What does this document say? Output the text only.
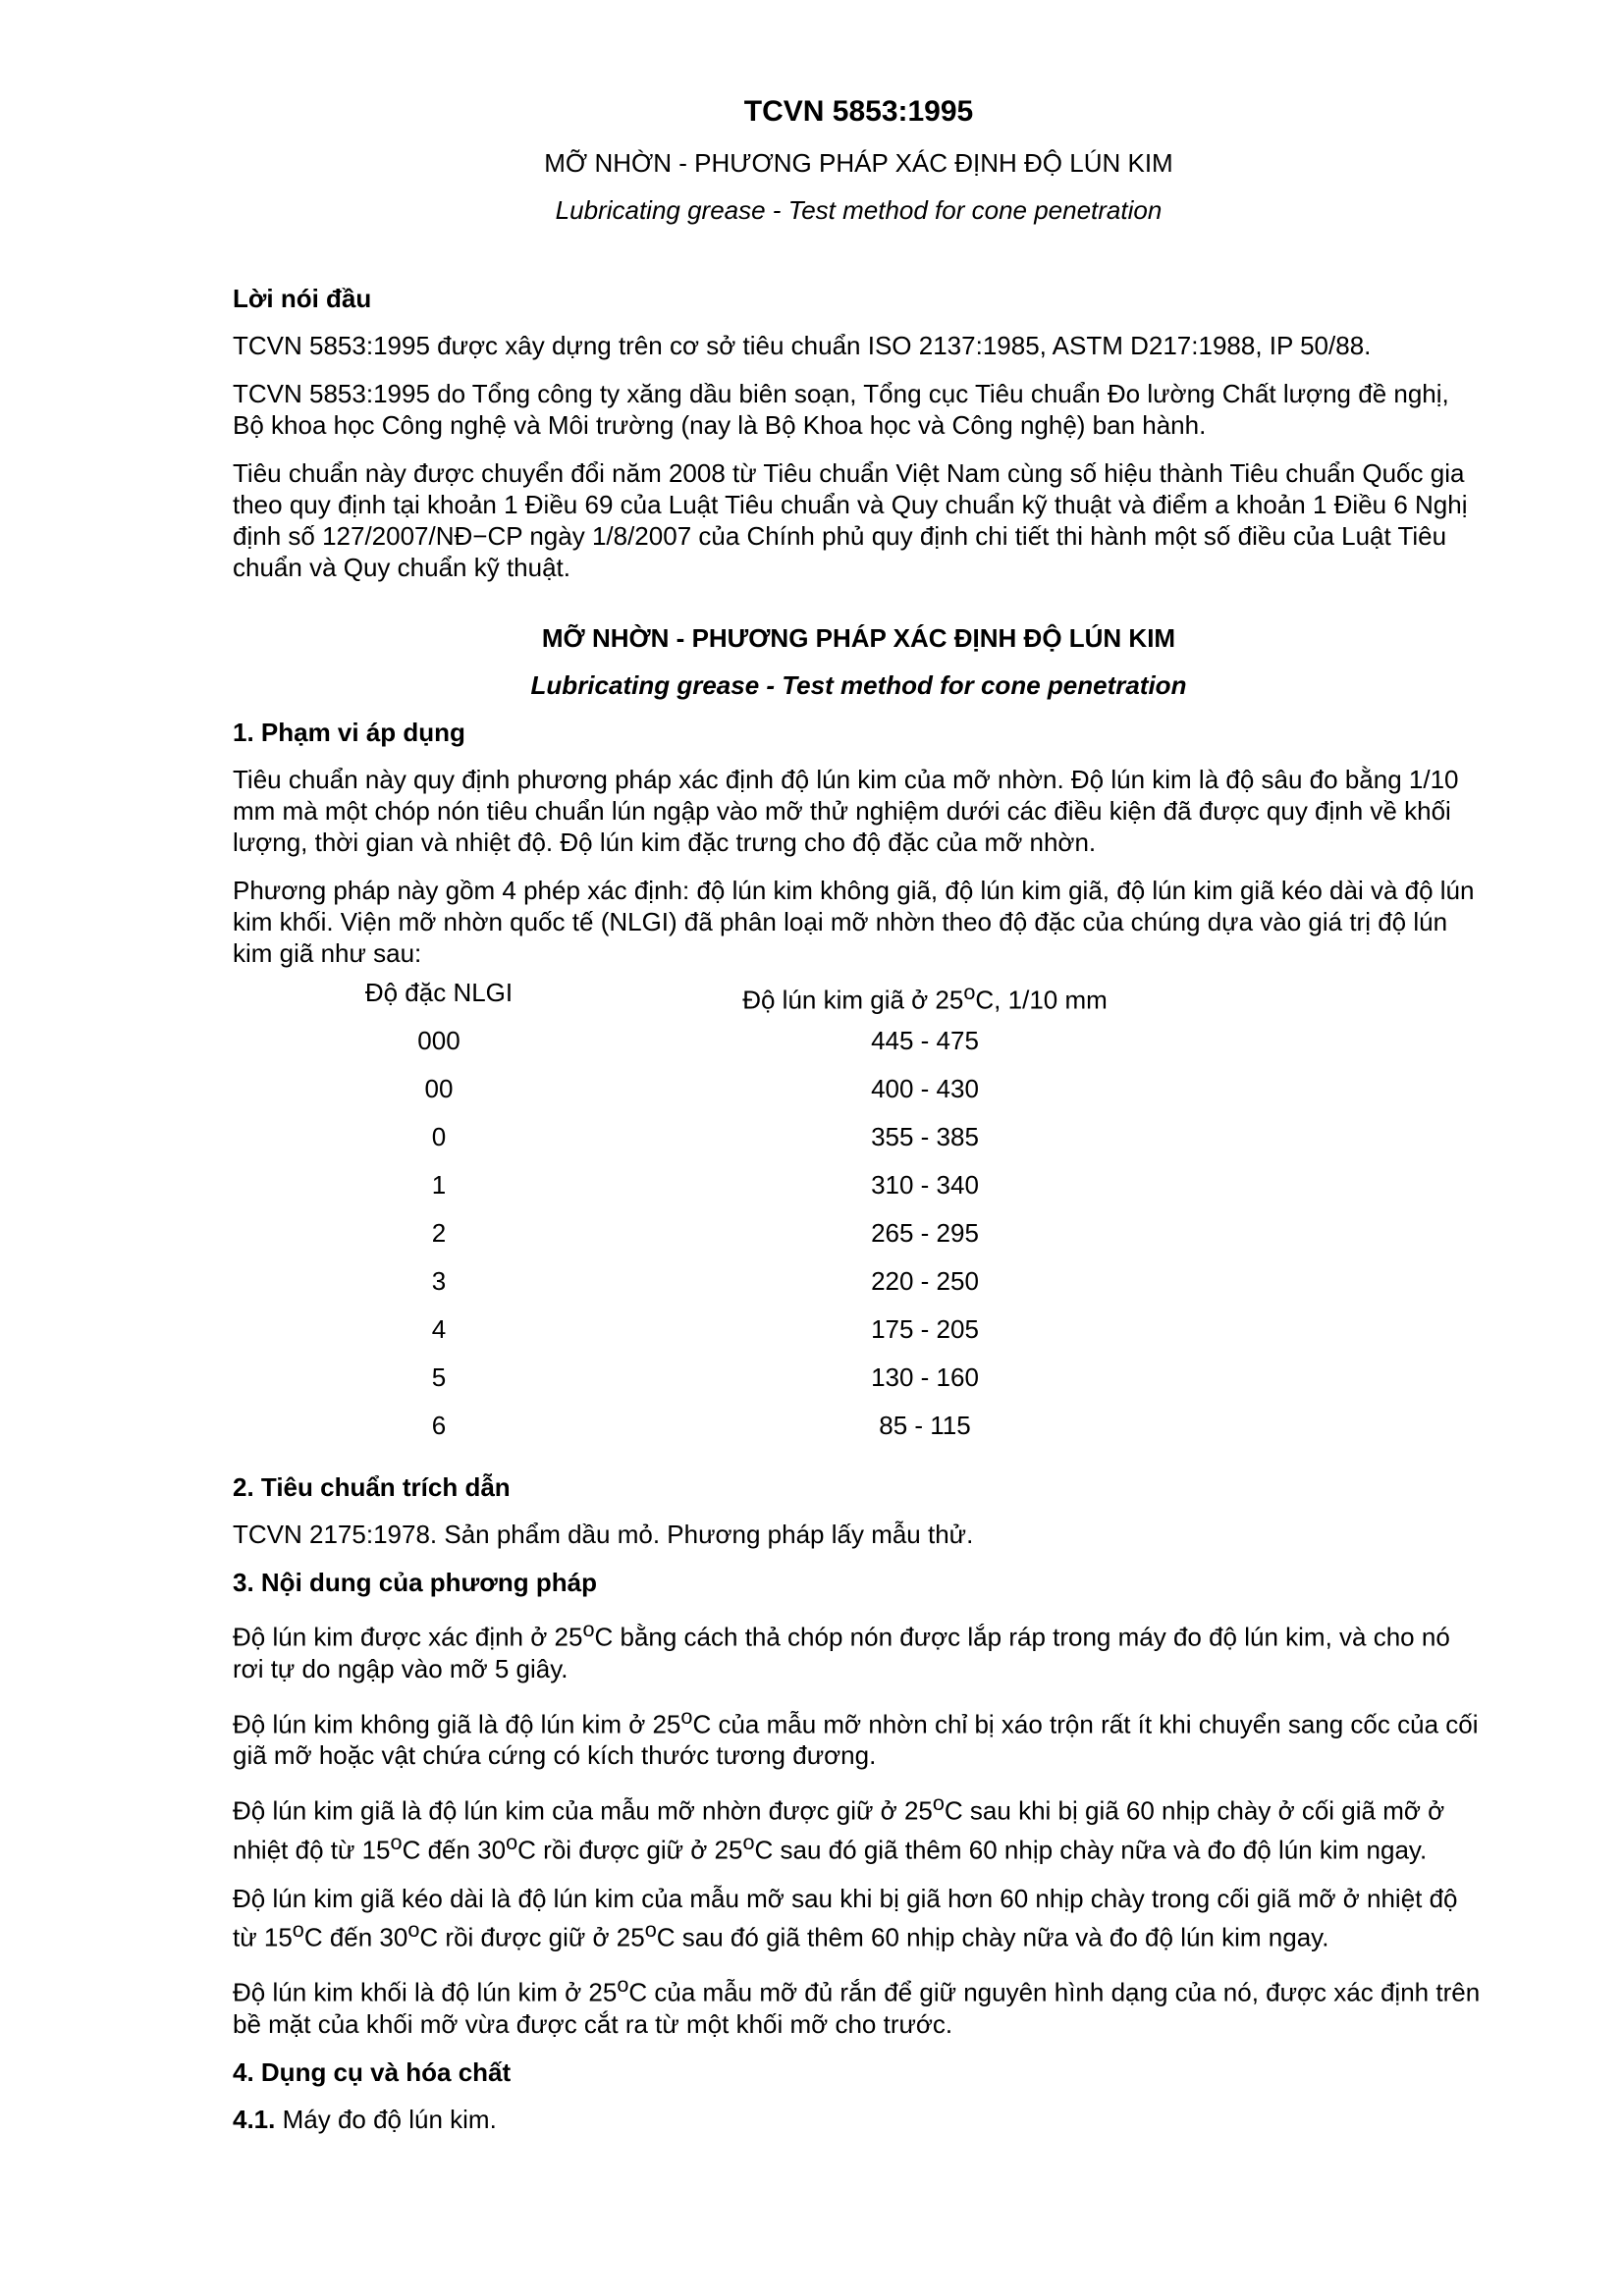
TCVN 5853:1995
MỠ NHỜN - PHƯƠNG PHÁP XÁC ĐỊNH ĐỘ LÚN KIM
Lubricating grease - Test method for cone penetration
Lời nói đầu

TCVN 5853:1995 được xây dựng trên cơ sở tiêu chuẩn ISO 2137:1985, ASTM D217:1988, IP 50/88.

TCVN 5853:1995 do Tổng công ty xăng dầu biên soạn, Tổng cục Tiêu chuẩn Đo lường Chất lượng đề nghị, Bộ khoa học Công nghệ và Môi trường (nay là Bộ Khoa học và Công nghệ) ban hành.

Tiêu chuẩn này được chuyển đổi năm 2008 từ Tiêu chuẩn Việt Nam cùng số hiệu thành Tiêu chuẩn Quốc gia theo quy định tại khoản 1 Điều 69 của Luật Tiêu chuẩn và Quy chuẩn kỹ thuật và điểm a khoản 1 Điều 6 Nghị định số 127/2007/NĐ−CP ngày 1/8/2007 của Chính phủ quy định chi tiết thi hành một số điều của Luật Tiêu chuẩn và Quy chuẩn kỹ thuật.

MỠ NHỜN - PHƯƠNG PHÁP XÁC ĐỊNH ĐỘ LÚN KIM
Lubricating grease - Test method for cone penetration
1. Phạm vi áp dụng

Tiêu chuẩn này quy định phương pháp xác định độ lún kim của mỡ nhờn. Độ lún kim là độ sâu đo bằng 1/10 mm mà một chóp nón tiêu chuẩn lún ngập vào mỡ thử nghiệm dưới các điều kiện đã được quy định về khối lượng, thời gian và nhiệt độ. Độ lún kim đặc trưng cho độ đặc của mỡ nhờn.

Phương pháp này gồm 4 phép xác định: độ lún kim không giã, độ lún kim giã, độ lún kim giã kéo dài và độ lún kim khối. Viện mỡ nhờn quốc tế (NLGI) đã phân loại mỡ nhờn theo độ đặc của chúng dựa vào giá trị độ lún kim giã như sau:

Độ đặc NLGI	Độ lún kim giã ở 25$^o$C, 1/10 mm
000	445 - 475
00	400 - 430
0	355 - 385
1	310 - 340
2	265 - 295
3	220 - 250
4	175 - 205
5	130 - 160
6	85 - 115
2. Tiêu chuẩn trích dẫn

TCVN 2175:1978. Sản phẩm dầu mỏ. Phương pháp lấy mẫu thử.

3. Nội dung của phương pháp

Độ lún kim được xác định ở 25$^o$C bằng cách thả chóp nón được lắp ráp trong máy đo độ lún kim, và cho nó rơi tự do ngập vào mỡ 5 giây.

Độ lún kim không giã là độ lún kim ở 25$^o$C của mẫu mỡ nhờn chỉ bị xáo trộn rất ít khi chuyển sang cốc của cối giã mỡ hoặc vật chứa cứng có kích thước tương đương.

Độ lún kim giã là độ lún kim của mẫu mỡ nhờn được giữ ở 25$^o$C sau khi bị giã 60 nhịp chày ở cối giã mỡ ở nhiệt độ từ 15$^o$C đến 30$^o$C rồi được giữ ở 25$^o$C sau đó giã thêm 60 nhịp chày nữa và đo độ lún kim ngay.

Độ lún kim giã kéo dài là độ lún kim của mẫu mỡ sau khi bị giã hơn 60 nhịp chày trong cối giã mỡ ở nhiệt độ từ 15$^o$C đến 30$^o$C rồi được giữ ở 25$^o$C sau đó giã thêm 60 nhịp chày nữa và đo độ lún kim ngay.

Độ lún kim khối là độ lún kim ở 25$^o$C của mẫu mỡ đủ rắn để giữ nguyên hình dạng của nó, được xác định trên bề mặt của khối mỡ vừa được cắt ra từ một khối mỡ cho trước.

4. Dụng cụ và hóa chất

4.1. Máy đo độ lún kim.
